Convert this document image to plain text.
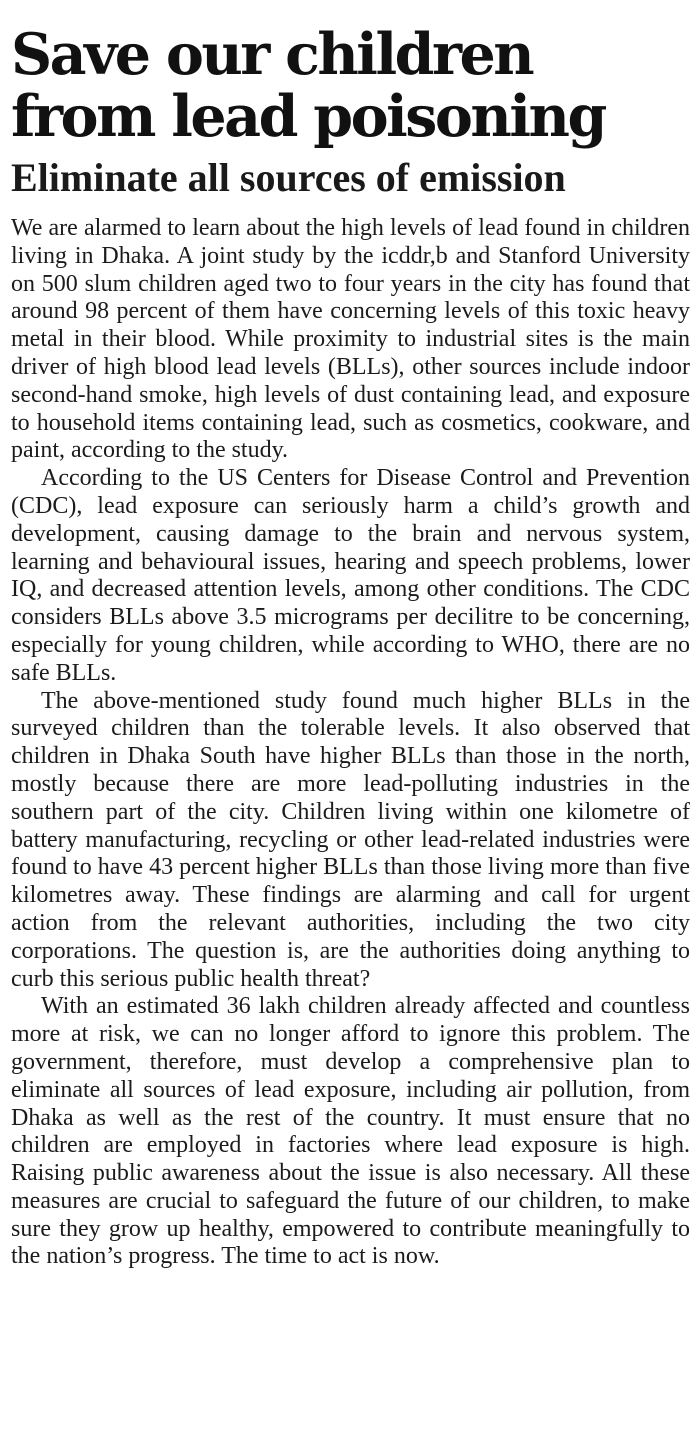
Save our children
from lead poisoning
Eliminate all sources of emission

We are alarmed to learn about the high levels of lead found in children living in Dhaka. A joint study by the icddr,b and Stanford University on 500 slum children aged two to four years in the city has found that around 98 percent of them have concerning levels of this toxic heavy metal in their blood. While proximity to industrial sites is the main driver of high blood lead levels (BLLs), other sources include indoor second-hand smoke, high levels of dust containing lead, and exposure to household items containing lead, such as cosmetics, cookware, and paint, according to the study.

According to the US Centers for Disease Control and Prevention (CDC), lead exposure can seriously harm a child’s growth and development, causing damage to the brain and nervous system, learning and behavioural issues, hearing and speech problems, lower IQ, and decreased attention levels, among other conditions. The CDC considers BLLs above 3.5 micrograms per decilitre to be concerning, especially for young children, while according to WHO, there are no safe BLLs.

The above-mentioned study found much higher BLLs in the surveyed children than the tolerable levels. It also observed that children in Dhaka South have higher BLLs than those in the north, mostly because there are more lead-polluting industries in the southern part of the city. Children living within one kilometre of battery manufacturing, recycling or other lead-related industries were found to have 43 percent higher BLLs than those living more than five kilometres away. These findings are alarming and call for urgent action from the relevant authorities, including the two city corporations. The question is, are the authorities doing anything to curb this serious public health threat?

With an estimated 36 lakh children already affected and countless more at risk, we can no longer afford to ignore this problem. The government, therefore, must develop a comprehensive plan to eliminate all sources of lead exposure, including air pollution, from Dhaka as well as the rest of the country. It must ensure that no children are employed in factories where lead exposure is high. Raising public awareness about the issue is also necessary. All these measures are crucial to safeguard the future of our children, to make sure they grow up healthy, empowered to contribute meaningfully to the nation’s progress. The time to act is now.
